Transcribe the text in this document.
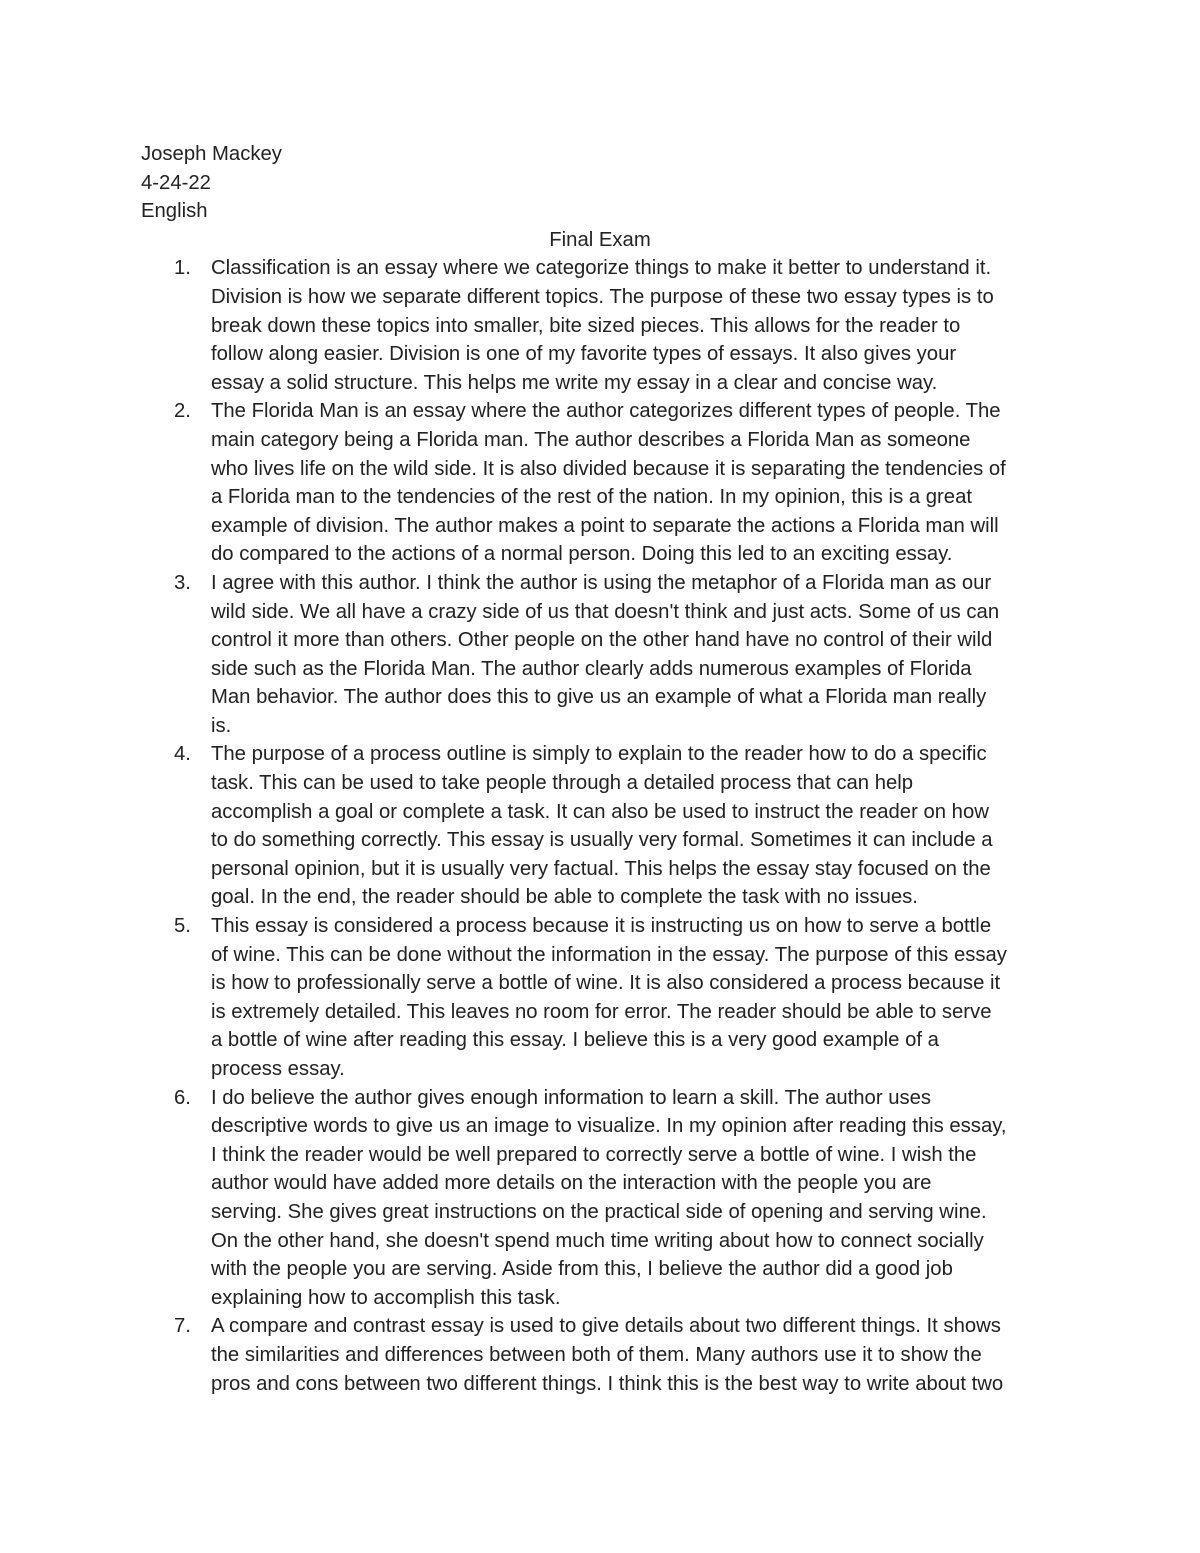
Joseph Mackey
4-24-22
English
Final Exam
1. Classification is an essay where we categorize things to make it better to understand it.
Division is how we separate different topics. The purpose of these two essay types is to
break down these topics into smaller, bite sized pieces. This allows for the reader to
follow along easier. Division is one of my favorite types of essays. It also gives your
essay a solid structure. This helps me write my essay in a clear and concise way.
2. The Florida Man is an essay where the author categorizes different types of people. The
main category being a Florida man. The author describes a Florida Man as someone
who lives life on the wild side. It is also divided because it is separating the tendencies of
a Florida man to the tendencies of the rest of the nation. In my opinion, this is a great
example of division. The author makes a point to separate the actions a Florida man will
do compared to the actions of a normal person. Doing this led to an exciting essay.
3. I agree with this author. I think the author is using the metaphor of a Florida man as our
wild side. We all have a crazy side of us that doesn't think and just acts. Some of us can
control it more than others. Other people on the other hand have no control of their wild
side such as the Florida Man. The author clearly adds numerous examples of Florida
Man behavior. The author does this to give us an example of what a Florida man really
is.
4. The purpose of a process outline is simply to explain to the reader how to do a specific
task. This can be used to take people through a detailed process that can help
accomplish a goal or complete a task. It can also be used to instruct the reader on how
to do something correctly. This essay is usually very formal. Sometimes it can include a
personal opinion, but it is usually very factual. This helps the essay stay focused on the
goal. In the end, the reader should be able to complete the task with no issues.
5. This essay is considered a process because it is instructing us on how to serve a bottle
of wine. This can be done without the information in the essay. The purpose of this essay
is how to professionally serve a bottle of wine. It is also considered a process because it
is extremely detailed. This leaves no room for error. The reader should be able to serve
a bottle of wine after reading this essay. I believe this is a very good example of a
process essay.
6. I do believe the author gives enough information to learn a skill. The author uses
descriptive words to give us an image to visualize. In my opinion after reading this essay,
I think the reader would be well prepared to correctly serve a bottle of wine. I wish the
author would have added more details on the interaction with the people you are
serving. She gives great instructions on the practical side of opening and serving wine.
On the other hand, she doesn't spend much time writing about how to connect socially
with the people you are serving. Aside from this, I believe the author did a good job
explaining how to accomplish this task.
7. A compare and contrast essay is used to give details about two different things. It shows
the similarities and differences between both of them. Many authors use it to show the
pros and cons between two different things. I think this is the best way to write about two
